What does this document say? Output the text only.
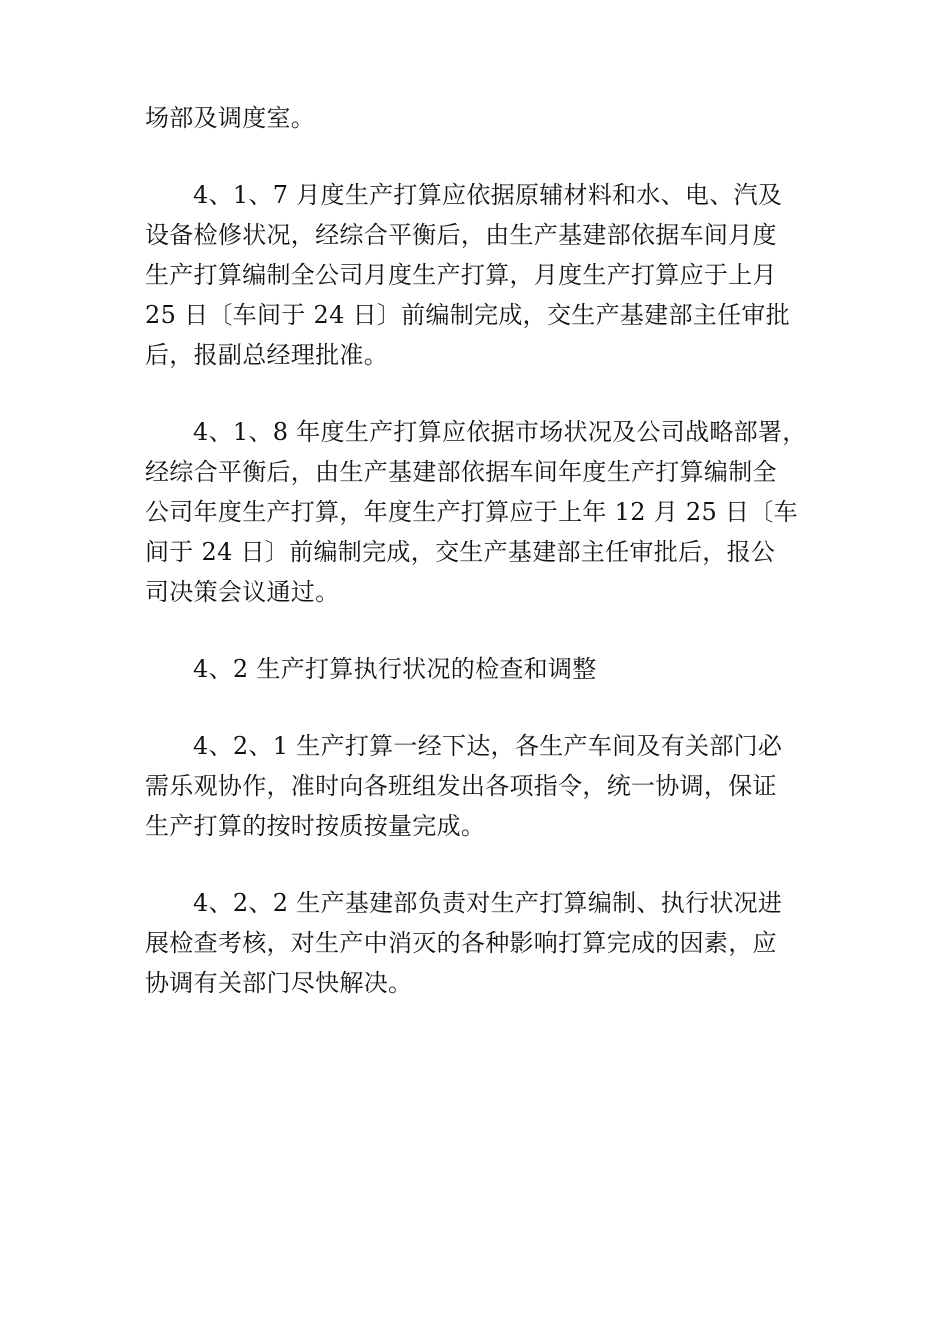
场部及调度室。

4、1、7 月度生产打算应依据原辅材料和水、电、汽及
设备检修状况，经综合平衡后，由生产基建部依据车间月度
生产打算编制全公司月度生产打算，月度生产打算应于上月
25 日〔车间于 24 日〕前编制完成，交生产基建部主任审批
后，报副总经理批准。

4、1、8 年度生产打算应依据市场状况及公司战略部署，
经综合平衡后，由生产基建部依据车间年度生产打算编制全
公司年度生产打算，年度生产打算应于上年 12 月 25 日〔车
间于 24 日〕前编制完成，交生产基建部主任审批后，报公
司决策会议通过。

4、2 生产打算执行状况的检查和调整

4、2、1 生产打算一经下达，各生产车间及有关部门必
需乐观协作，准时向各班组发出各项指令，统一协调，保证
生产打算的按时按质按量完成。

4、2、2 生产基建部负责对生产打算编制、执行状况进
展检查考核，对生产中消灭的各种影响打算完成的因素，应
协调有关部门尽快解决。
